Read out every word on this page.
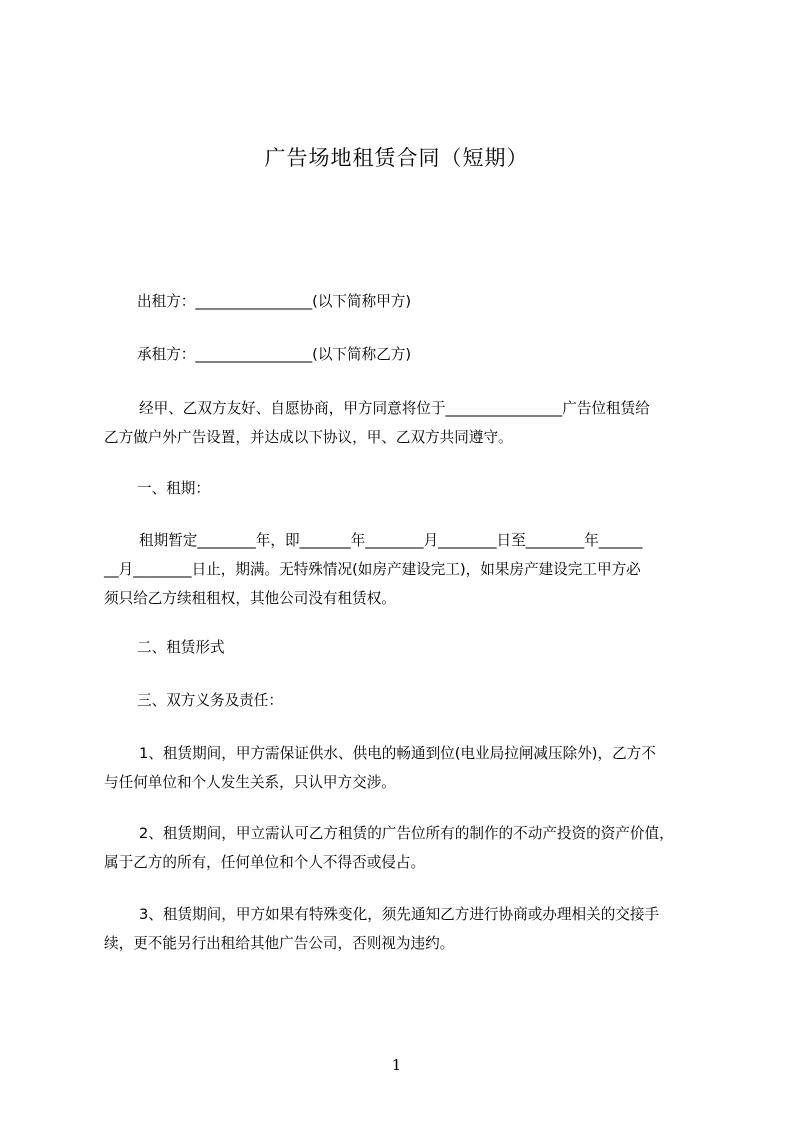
广告场地租赁合同（短期）
出租方：________________(以下简称甲方)
承租方：________________(以下简称乙方)
经甲、乙双方友好、自愿协商，甲方同意将位于________________广告位租赁给
乙方做户外广告设置，并达成以下协议，甲、乙双方共同遵守。
一、租期：
租期暂定________年，即_______年________月________日至________年______
__月________日止，期满。无特殊情况(如房产建设完工)，如果房产建设完工甲方必
须只给乙方续租租权，其他公司没有租赁权。
二、租赁形式
三、双方义务及责任：
1、租赁期间，甲方需保证供水、供电的畅通到位(电业局拉闸减压除外)，乙方不
与任何单位和个人发生关系，只认甲方交涉。
2、租赁期间，甲立需认可乙方租赁的广告位所有的制作的不动产投资的资产价值，
属于乙方的所有，任何单位和个人不得否或侵占。
3、租赁期间，甲方如果有特殊变化，须先通知乙方进行协商或办理相关的交接手
续，更不能另行出租给其他广告公司，否则视为违约。
1
